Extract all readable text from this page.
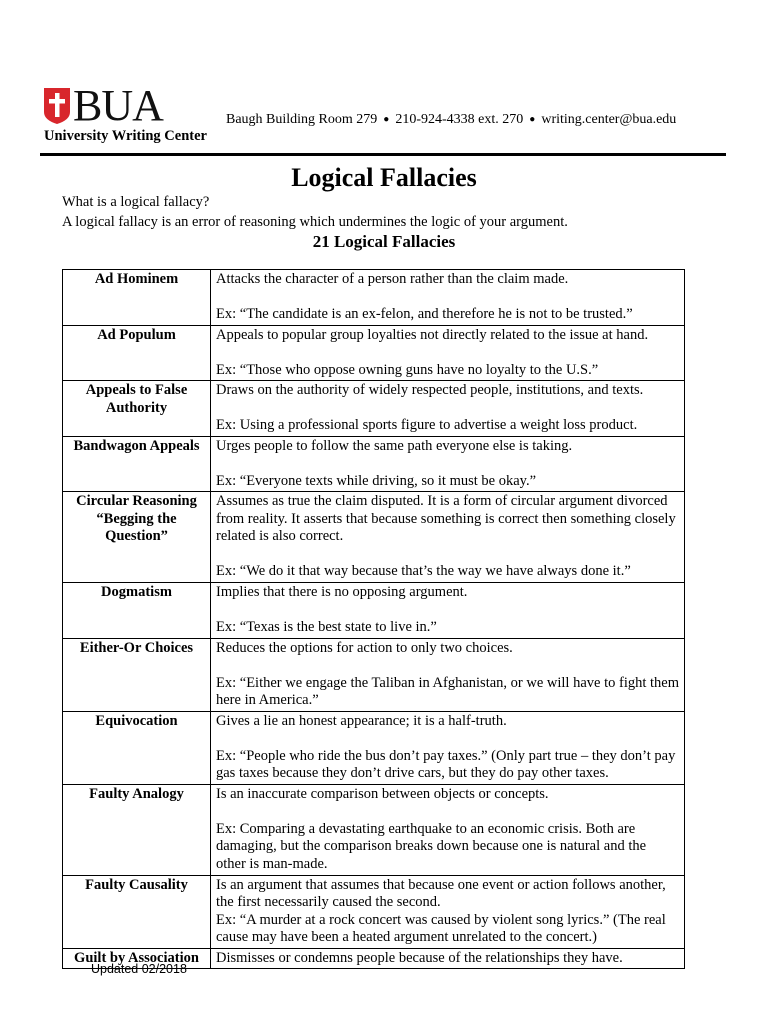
BUA
University Writing Center
Baugh Building Room 279 ● 210-924-4338 ext. 270 ● writing.center@bua.edu
Logical Fallacies
What is a logical fallacy?
A logical fallacy is an error of reasoning which undermines the logic of your argument.
21 Logical Fallacies
Ad Hominem	Attacks the character of a person rather than the claim made.

Ex: “The candidate is an ex-felon, and therefore he is not to be trusted.”
Ad Populum	Appeals to popular group loyalties not directly related to the issue at hand.

Ex: “Those who oppose owning guns have no loyalty to the U.S.”
Appeals to False Authority	Draws on the authority of widely respected people, institutions, and texts.

Ex: Using a professional sports figure to advertise a weight loss product.
Bandwagon Appeals	Urges people to follow the same path everyone else is taking.

Ex: “Everyone texts while driving, so it must be okay.”
Circular Reasoning “Begging the Question”	Assumes as true the claim disputed. It is a form of circular argument divorced from reality. It asserts that because something is correct then something closely related is also correct.

Ex: “We do it that way because that’s the way we have always done it.”
Dogmatism	Implies that there is no opposing argument.

Ex: “Texas is the best state to live in.”
Either-Or Choices	Reduces the options for action to only two choices.

Ex: “Either we engage the Taliban in Afghanistan, or we will have to fight them here in America.”
Equivocation	Gives a lie an honest appearance; it is a half-truth.

Ex: “People who ride the bus don’t pay taxes.” (Only part true – they don’t pay gas taxes because they don’t drive cars, but they do pay other taxes.
Faulty Analogy	Is an inaccurate comparison between objects or concepts.

Ex: Comparing a devastating earthquake to an economic crisis. Both are damaging, but the comparison breaks down because one is natural and the other is man-made.
Faulty Causality	Is an argument that assumes that because one event or action follows another, the first necessarily caused the second.
Ex: “A murder at a rock concert was caused by violent song lyrics.” (The real cause may have been a heated argument unrelated to the concert.)
Guilt by Association	Dismisses or condemns people because of the relationships they have.
Updated 02/2018
